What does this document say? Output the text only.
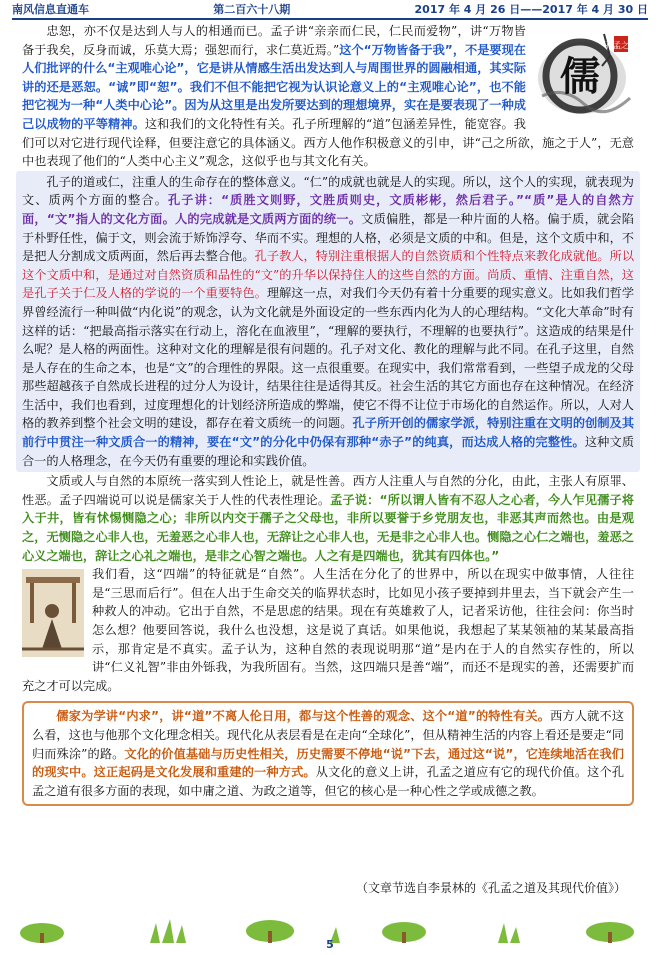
南风信息直通车	第二百六十八期	2017 年 4 月 26 日——2017 年 4 月 30 日
孔孟之道
儒

忠恕，亦不仅是达到人与人的相通而已。孟子讲“亲亲而仁民，仁民而爱物”，讲“万物皆备于我矣，反身而诚，乐莫大焉；强恕而行，求仁莫近焉。”这个“万物皆备于我”，不是要现在人们批评的什么“主观唯心论”，它是讲从情感生活出发达到人与周围世界的圆融相通，其实际讲的还是恶恕。“诚”即“恕”。我们不但不能把它视为认识论意义上的“主观唯心论”，也不能把它视为一种“人类中心论”。因为从这里是出发所要达到的理想境界，实在是要表现了一种成己以成物的平等精神。这和我们的文化特性有关。孔子所理解的“道”包涵差异性，能宽容。我们可以对它进行现代诠释，但要注意它的具体涵义。西方人他作积极意义的引申，讲“己之所欲，施之于人”，无意中也表现了他们的“人类中心主义”观念，这似乎也与其文化有关。

孔子的道或仁，注重人的生命存在的整体意义。“仁”的成就也就是人的实现。所以，这个人的实现，就表现为文、质两个方面的整合。孔子讲：“质胜文则野，文胜质则史，文质彬彬，然后君子。”“质”是人的自然方面，“文”指人的文化方面。人的完成就是文质两方面的统一。文质偏胜，都是一种片面的人格。偏于质，就会陷于朴野任性，偏于文，则会流于矫饰浮夸、华而不实。理想的人格，必须是文质的中和。但是，这个文质中和，不是把人分割成文质两面，然后再去整合他。孔子教人，特别注重根据人的自然资质和个性特点来教化成就他。所以这个文质中和，是通过对自然资质和品性的“文”的升华以保持住人的这些自然的方面。尚质、重情、注重自然，这是孔子关于仁及人格的学说的一个重要特色。理解这一点，对我们今天仍有着十分重要的现实意义。比如我们哲学界曾经流行一种叫做“内化说”的观念，认为文化就是外面设定的一些东西内化为人的心理结构。“文化大革命”时有这样的话：“把最高指示落实在行动上，溶化在血液里”，“理解的要执行，不理解的也要执行”。这造成的结果是什么呢？是人格的两面性。这种对文化的理解是很有问题的。孔子对文化、教化的理解与此不同。在孔子这里，自然是人存在的生命之本，也是“文”的合理性的界限。这一点很重要。在现实中，我们常常看到，一些望子成龙的父母那些超越孩子自然成长进程的过分人为设计，结果往往是适得其反。社会生活的其它方面也存在这种情况。在经济生活中，我们也看到，过度理想化的计划经济所造成的弊端，使它不得不让位于市场化的自然运作。所以，人对人格的教养到整个社会文明的建设，都存在着文质统一的问题。孔子所开创的儒家学派，特别注重在文明的创制及其前行中贯注一种文质合一的精神，要在“文”的分化中仍保有那种“赤子”的纯真，而达成人格的完整性。这种文质合一的人格理念，在今天仍有重要的理论和实践价值。

文质或人与自然的本原统一落实到人性论上，就是性善。西方人注重人与自然的分化，由此，主张人有原罪、性恶。孟子四端说可以说是儒家关于人性的代表性理论。孟子说：“所以谓人皆有不忍人之心者，今人乍见孺子将入于井，皆有怵惕恻隐之心；非所以内交于孺子之父母也，非所以要誉于乡党朋友也，非恶其声而然也。由是观之，无恻隐之心非人也，无羞恶之心非人也，无辞让之心非人也，无是非之心非人也。恻隐之心仁之端也，羞恶之心义之端也，辞让之心礼之端也，是非之心智之端也。人之有是四端也，犹其有四体也。”

我们看，这“四端”的特征就是“自然”。人生活在分化了的世界中，所以在现实中做事情，人往往是“三思而后行”。但在人出于生命交关的临界状态时，比如见小孩子要掉到井里去，当下就会产生一种救人的冲动。它出于自然，不是思虑的结果。现在有英雄救了人，记者采访他，往往会问：你当时怎么想？他要回答说，我什么也没想，这是说了真话。如果他说，我想起了某某领袖的某某最高指示，那肯定是不真实。孟子认为，这种自然的表现说明那“道”是内在于人的自然实存性的，所以讲“仁义礼智”非由外铄我，为我所固有。当然，这四端只是善“端”，而还不是现实的善，还需要扩而充之才可以完成。

儒家为学讲“内求”，讲“道”不离人伦日用，都与这个性善的观念、这个“道”的特性有关。西方人就不这么看，这也与他那个文化理念相关。现代化从表层看是在走向“全球化”，但从精神生活的内容上看还是要走“同归而殊涂”的路。文化的价值基础与历史性相关，历史需要不停地“说”下去，通过这“说”，它连续地活在我们的现实中。这正起码是文化发展和重建的一种方式。从文化的意义上讲，孔孟之道应有它的现代价值。这个孔孟之道有很多方面的表现，如中庸之道、为政之道等，但它的核心是一种心性之学或成德之教。

（文章节选自李景林的《孔孟之道及其现代价值》）
5
